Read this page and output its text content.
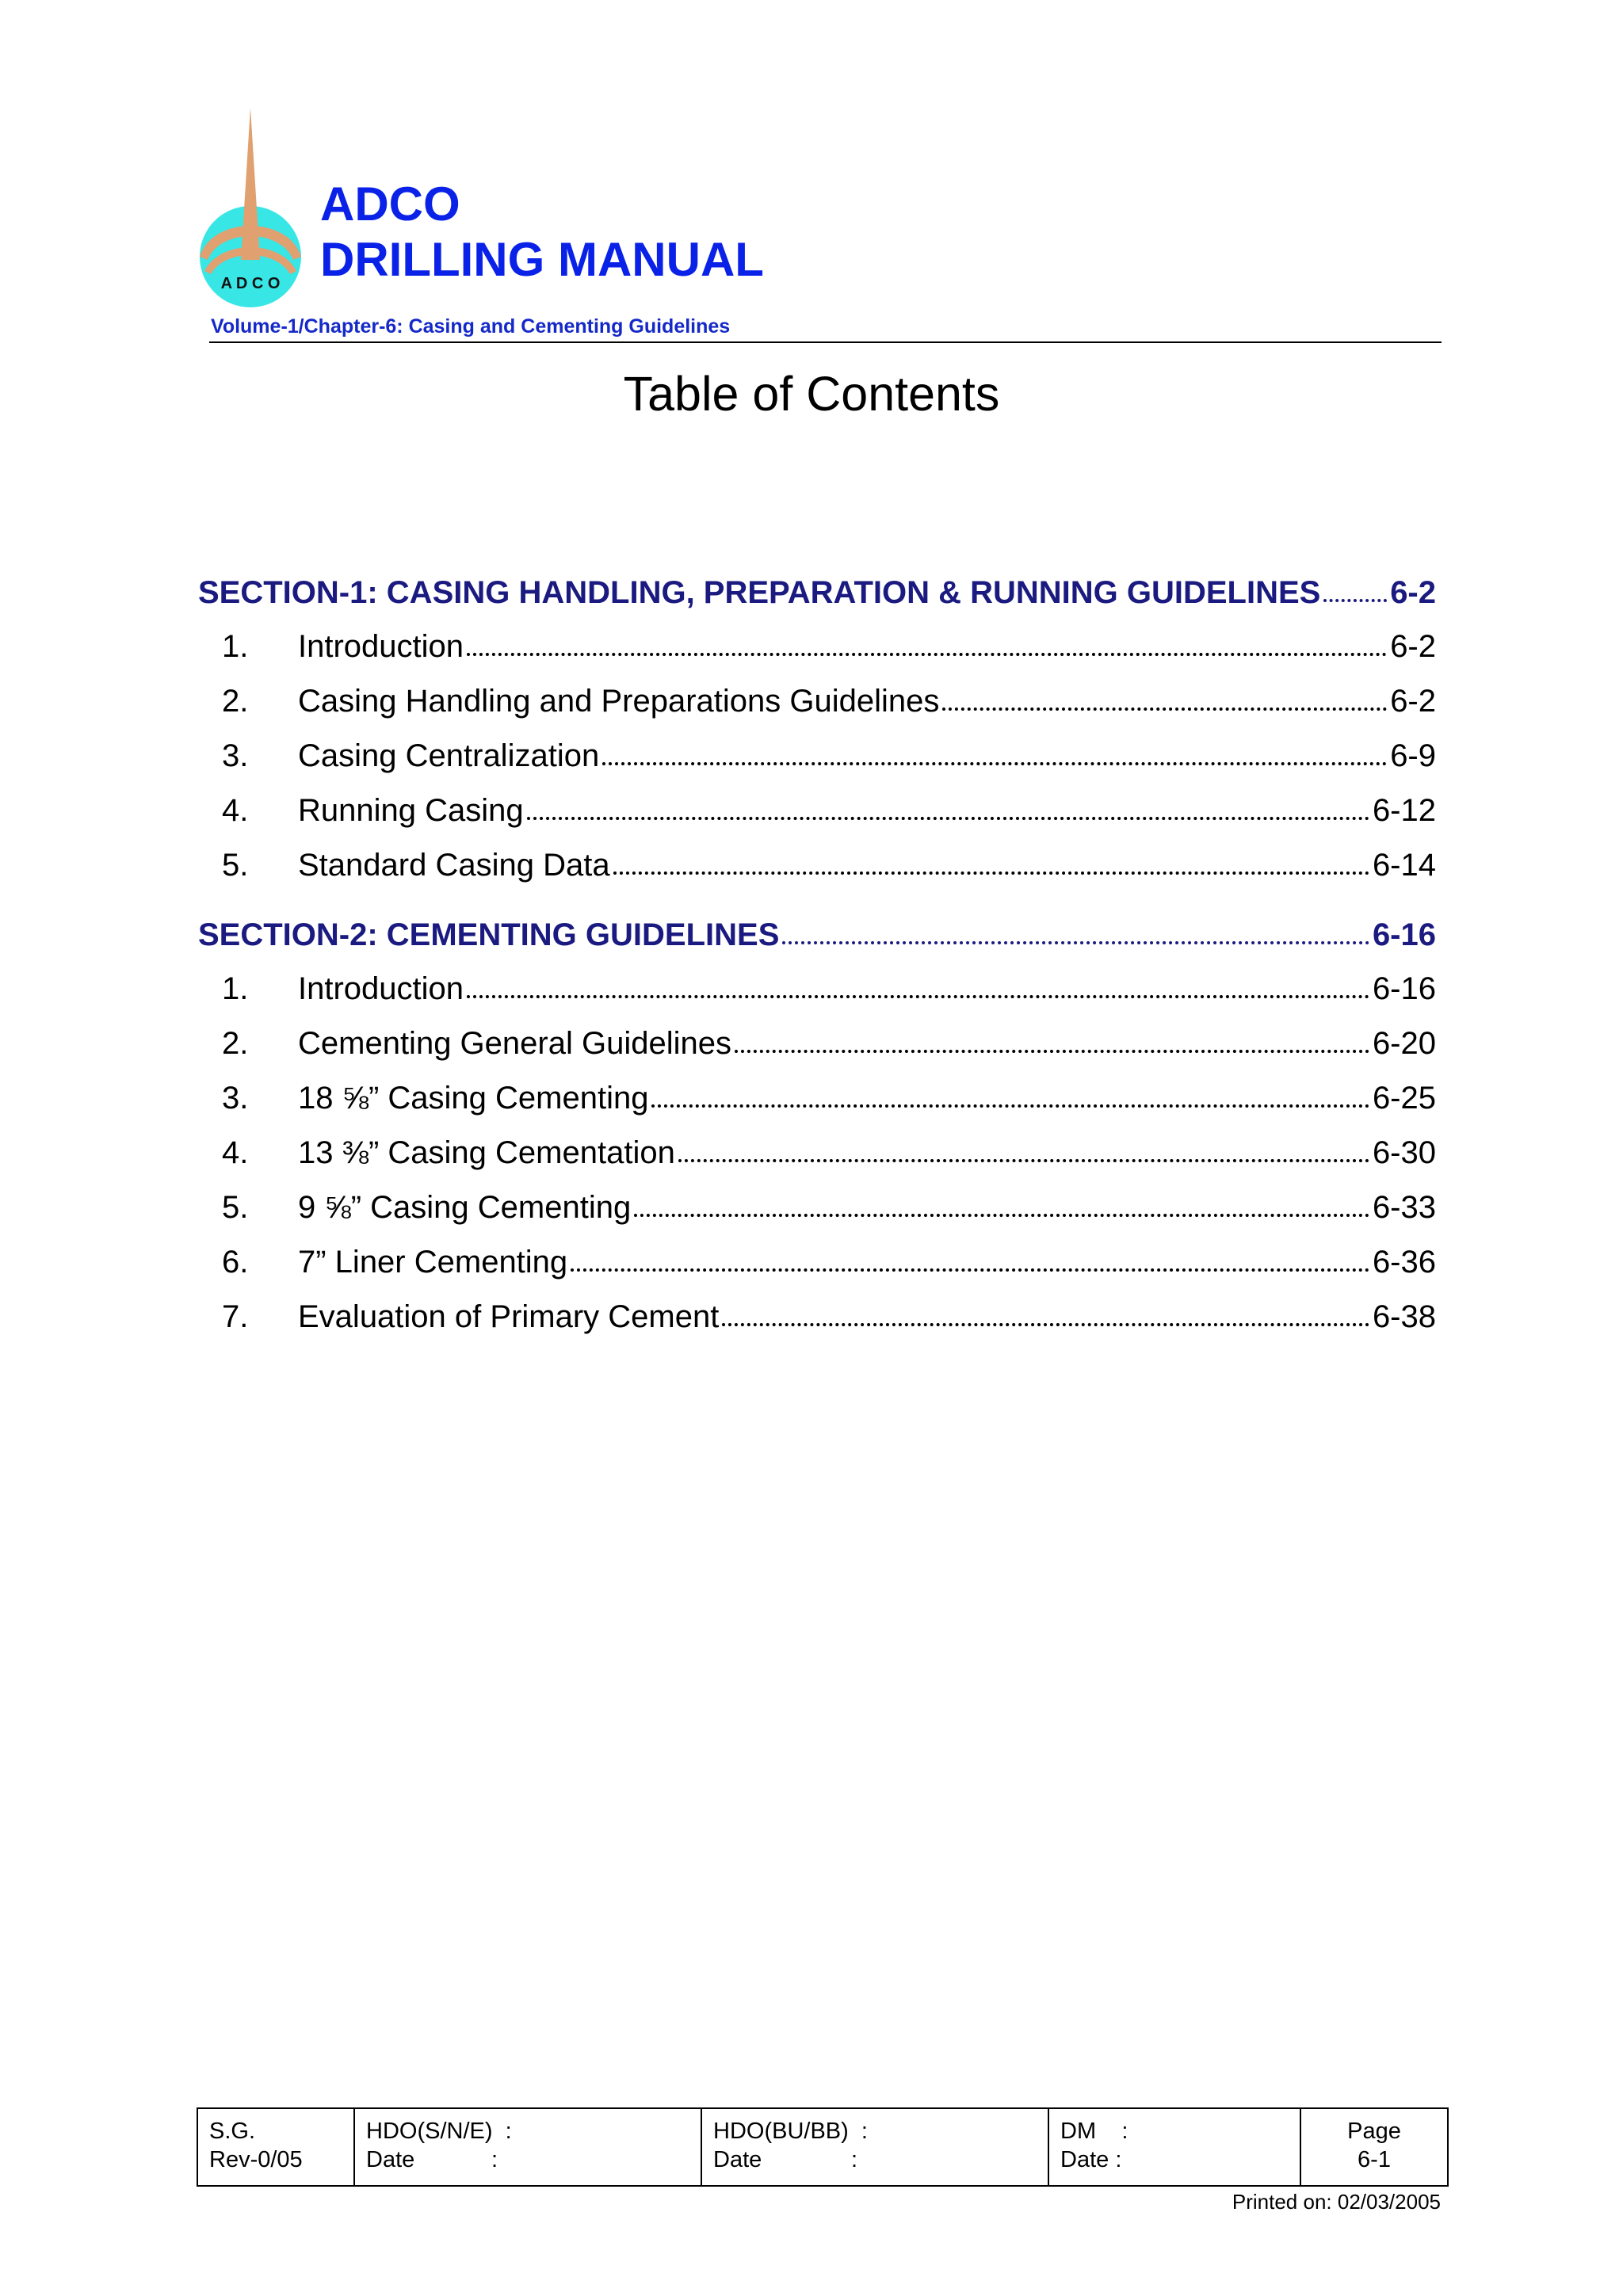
A D C O
ADCO
DRILLING MANUAL
Volume-1/Chapter-6: Casing and Cementing Guidelines
Table of Contents
SECTION-1: CASING HANDLING, PREPARATION & RUNNING GUIDELINES 6-2
1.	Introduction	6-2
2.	Casing Handling and Preparations Guidelines	6-2
3.	Casing Centralization	6-9
4.	Running Casing	6-12
5.	Standard Casing Data	6-14
SECTION-2: CEMENTING GUIDELINES	6-16
1.	Introduction	6-16
2.	Cementing General Guidelines	6-20
3.	18 ⅝” Casing Cementing	6-25
4.	13 ⅜” Casing Cementation	6-30
5.	9 ⅝” Casing Cementing	6-33
6.	7” Liner Cementing	6-36
7.	Evaluation of Primary Cement	6-38
S.G.
Rev-0/05

HDO(S/N/E)  :
Date            :

HDO(BU/BB)  :
Date              :

DM    :
Date :

Page
6-1
Printed on: 02/03/2005
